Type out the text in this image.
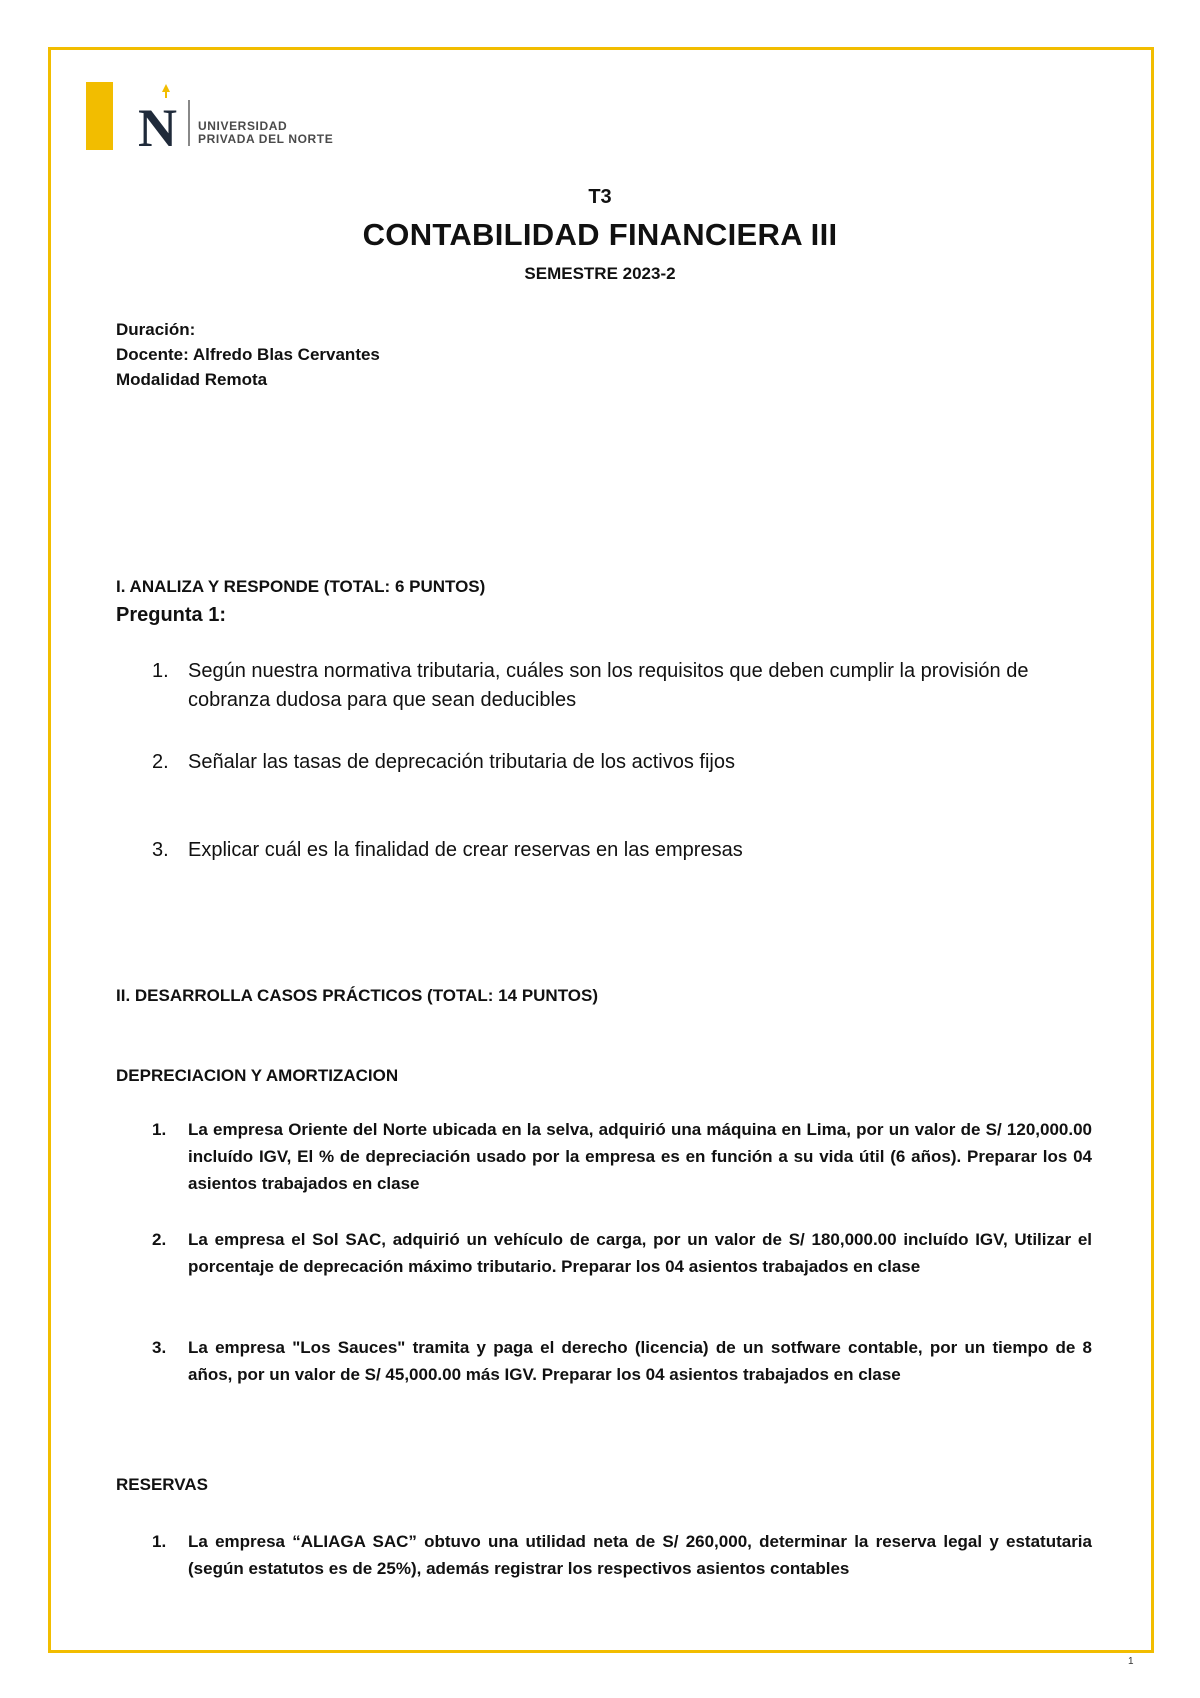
N UNIVERSIDAD
PRIVADA DEL NORTE
T3
CONTABILIDAD FINANCIERA III
SEMESTRE 2023-2
Duración:
Docente: Alfredo Blas Cervantes
Modalidad Remota
I. ANALIZA Y RESPONDE (TOTAL: 6 PUNTOS)
Pregunta 1:
1. Según nuestra normativa tributaria, cuáles son los requisitos que deben cumplir la provisión de cobranza dudosa para que sean deducibles
2. Señalar las tasas de deprecación tributaria de los activos fijos
3. Explicar cuál es la finalidad de crear reservas en las empresas
II. DESARROLLA CASOS PRÁCTICOS (TOTAL: 14 PUNTOS)
DEPRECIACION Y AMORTIZACION
1.	La empresa Oriente del Norte ubicada en la selva, adquirió una máquina en Lima, por un valor de S/ 120,000.00 incluído IGV, El % de depreciación usado por la empresa es en función a su vida útil (6 años). Preparar los 04 asientos trabajados en clase
2.	La empresa el Sol SAC, adquirió un vehículo de carga, por un valor de S/ 180,000.00 incluído IGV, Utilizar el porcentaje de deprecación máximo tributario. Preparar los 04 asientos trabajados en clase
3.	La empresa "Los Sauces" tramita y paga el derecho (licencia) de un sotfware contable, por un tiempo de 8 años, por un valor de S/ 45,000.00 más IGV. Preparar los 04 asientos trabajados en clase
RESERVAS
1.	La empresa “ALIAGA SAC” obtuvo una utilidad neta de S/ 260,000, determinar la reserva legal y estatutaria (según estatutos es de 25%), además registrar los respectivos asientos contables
1
